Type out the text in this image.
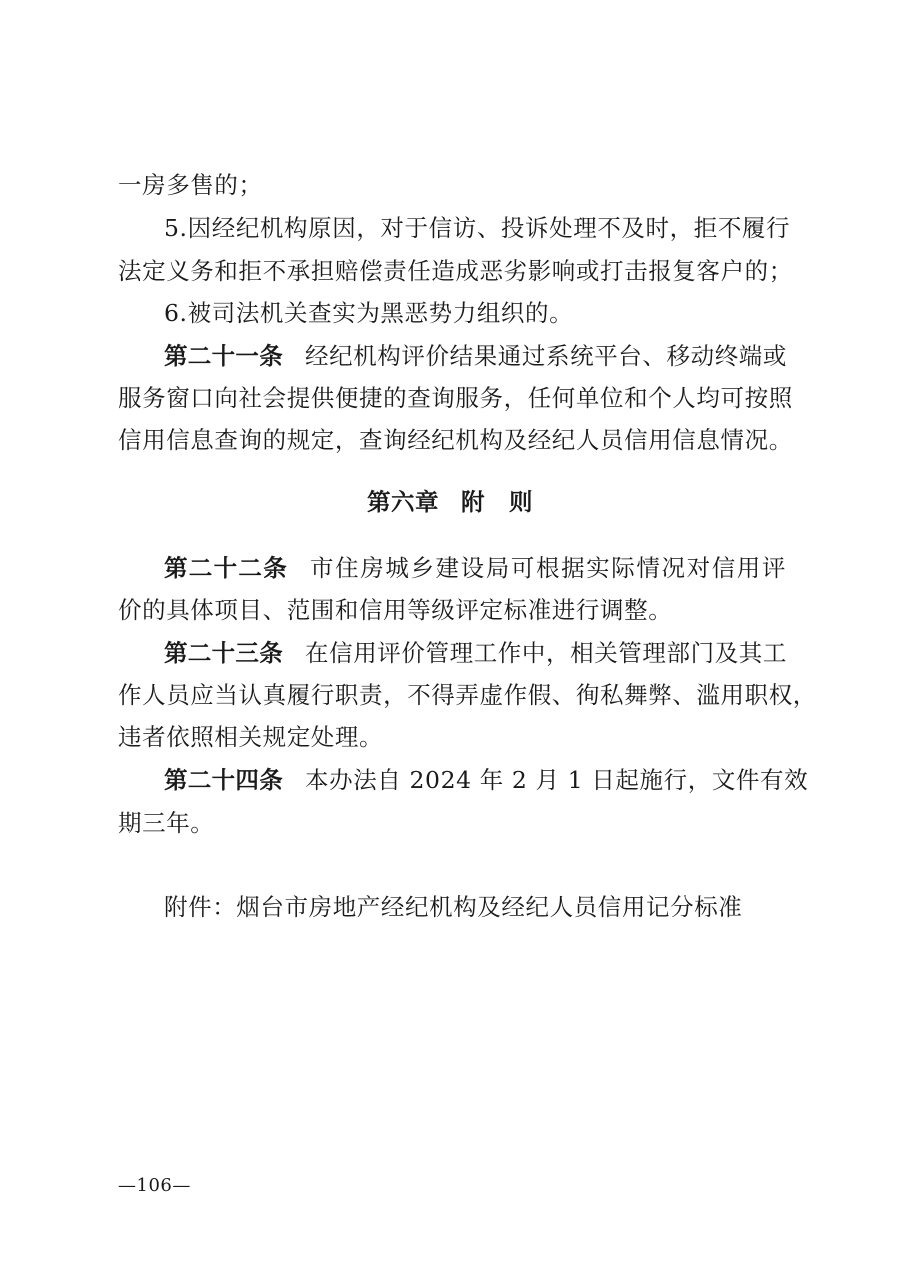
一房多售的；
5.因经纪机构原因，对于信访、投诉处理不及时，拒不履行
法定义务和拒不承担赔偿责任造成恶劣影响或打击报复客户的；
6.被司法机关查实为黑恶势力组织的。
第二十一条 经纪机构评价结果通过系统平台、移动终端或
服务窗口向社会提供便捷的查询服务，任何单位和个人均可按照
信用信息查询的规定，查询经纪机构及经纪人员信用信息情况。
第六章 附　则
第二十二条 市住房城乡建设局可根据实际情况对信用评
价的具体项目、范围和信用等级评定标准进行调整。
第二十三条 在信用评价管理工作中，相关管理部门及其工
作人员应当认真履行职责，不得弄虚作假、徇私舞弊、滥用职权，
违者依照相关规定处理。
第二十四条 本办法自 2024 年 2 月 1 日起施行，文件有效
期三年。
附件：烟台市房地产经纪机构及经纪人员信用记分标准
—106—
